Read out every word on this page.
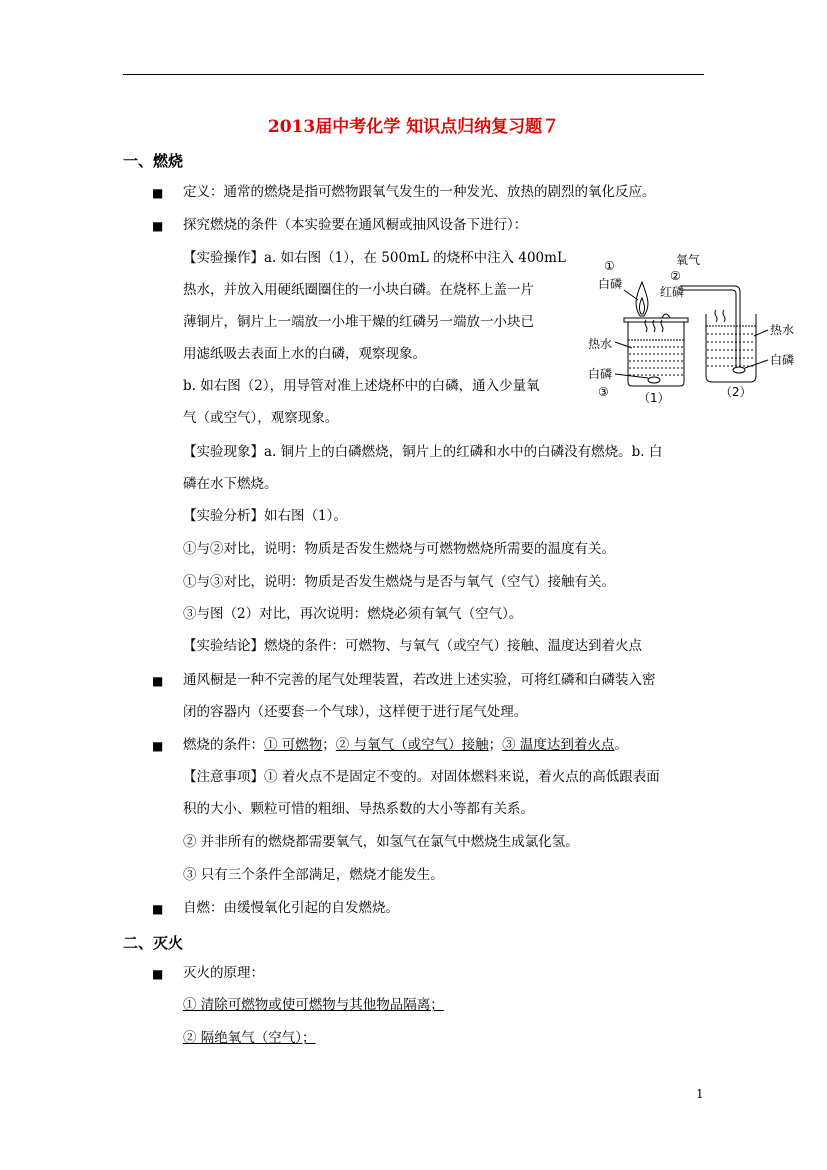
2013届中考化学 知识点归纳复习题７
一、燃烧
■ 定义：通常的燃烧是指可燃物跟氧气发生的一种发光、放热的剧烈的氧化反应。
■ 探究燃烧的条件（本实验要在通风橱或抽风设备下进行）：
【实验操作】a. 如右图（1），在 500mL 的烧杯中注入 400mL
热水，并放入用硬纸圈圈住的一小块白磷。在烧杯上盖一片
薄铜片，铜片上一端放一小堆干燥的红磷另一端放一小块已
用滤纸吸去表面上水的白磷，观察现象。
b. 如右图（2），用导管对准上述烧杯中的白磷，通入少量氧
气（或空气），观察现象。
【实验现象】a. 铜片上的白磷燃烧，铜片上的红磷和水中的白磷没有燃烧。b. 白
磷在水下燃烧。
【实验分析】如右图（1）。
①与②对比，说明：物质是否发生燃烧与可燃物燃烧所需要的温度有关。
①与③对比，说明：物质是否发生燃烧与是否与氧气（空气）接触有关。
③与图（2）对比，再次说明：燃烧必须有氧气（空气）。
【实验结论】燃烧的条件：可燃物、与氧气（或空气）接触、温度达到着火点
■ 通风橱是一种不完善的尾气处理装置，若改进上述实验，可将红磷和白磷装入密
闭的容器内（还要套一个气球），这样便于进行尾气处理。
■ 燃烧的条件：① 可燃物；② 与氧气（或空气）接触；③ 温度达到着火点。
【注意事项】① 着火点不是固定不变的。对固体燃料来说，着火点的高低跟表面
积的大小、颗粒可惜的粗细、导热系数的大小等都有关系。
② 并非所有的燃烧都需要氧气，如氢气在氯气中燃烧生成氯化氢。
③ 只有三个条件全部满足，燃烧才能发生。
■ 自燃：由缓慢氧化引起的自发燃烧。
二、灭火
■ 灭火的原理：
① 清除可燃物或使可燃物与其他物品隔离；
② 隔绝氧气（空气）；
1
①
白磷
氧气
②
红磷
热水
白磷
③ （1）
热水
白磷
（2）
